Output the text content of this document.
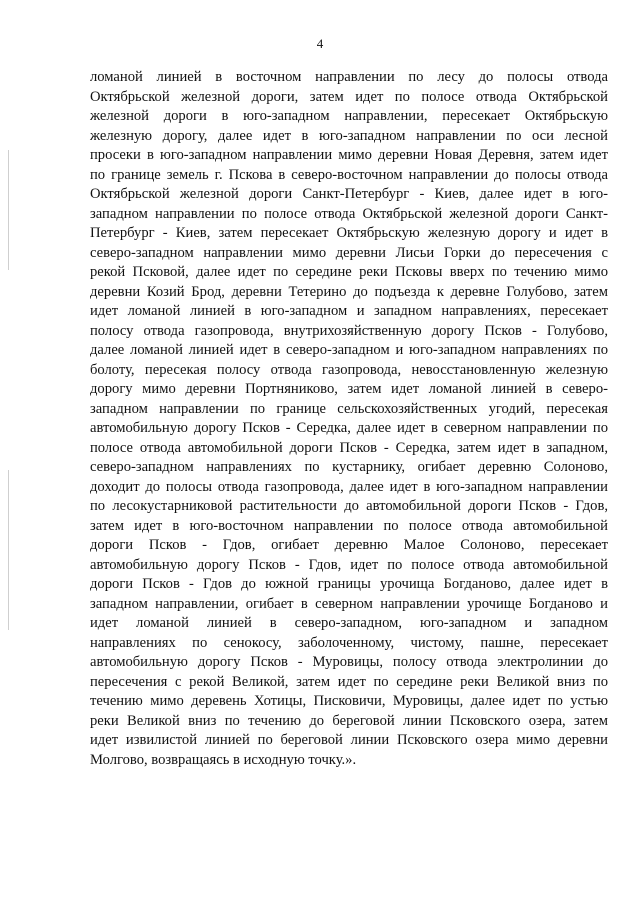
4
ломаной линией в восточном направлении по лесу до полосы отвода
Октябрьской железной дороги, затем идет по полосе отвода Октябрьской
железной дороги в юго-западном направлении, пересекает Октябрьскую
железную дорогу, далее идет в юго-западном направлении по оси лесной
просеки в юго-западном направлении мимо деревни Новая Деревня, затем идет
по границе земель г. Пскова в северо-восточном направлении до полосы отвода
Октябрьской железной дороги Санкт-Петербург - Киев, далее идет в юго-
западном направлении по полосе отвода Октябрьской железной дороги Санкт-
Петербург - Киев, затем пересекает Октябрьскую железную дорогу и идет в
северо-западном направлении мимо деревни Лисьи Горки до пересечения с
рекой Псковой, далее идет по середине реки Псковы вверх по течению мимо
деревни Козий Брод, деревни Тетерино до подъезда к деревне Голубово, затем
идет ломаной линией в юго-западном и западном направлениях, пересекает
полосу отвода газопровода, внутрихозяйственную дорогу Псков - Голубово,
далее ломаной линией идет в северо-западном и юго-западном направлениях по
болоту, пересекая полосу отвода газопровода, невосстановленную железную
дорогу мимо деревни Портняниково, затем идет ломаной линией в северо-
западном направлении по границе сельскохозяйственных угодий, пересекая
автомобильную дорогу Псков - Середка, далее идет в северном направлении по
полосе отвода автомобильной дороги Псков - Середка, затем идет в западном,
северо-западном направлениях по кустарнику, огибает деревню Солоново,
доходит до полосы отвода газопровода, далее идет в юго-западном направлении
по лесокустарниковой растительности до автомобильной дороги Псков - Гдов,
затем идет в юго-восточном направлении по полосе отвода автомобильной
дороги Псков - Гдов, огибает деревню Малое Солоново, пересекает
автомобильную дорогу Псков - Гдов, идет по полосе отвода автомобильной
дороги Псков - Гдов до южной границы урочища Богданово, далее идет в
западном направлении, огибает в северном направлении урочище Богданово и
идет ломаной линией в северо-западном, юго-западном и западном
направлениях по сенокосу, заболоченному, чистому, пашне, пересекает
автомобильную дорогу Псков - Муровицы, полосу отвода электролинии до
пересечения с рекой Великой, затем идет по середине реки Великой вниз по
течению мимо деревень Хотицы, Писковичи, Муровицы, далее идет по устью
реки Великой вниз по течению до береговой линии Псковского озера, затем
идет извилистой линией по береговой линии Псковского озера мимо деревни
Молгово, возвращаясь в исходную точку.».
